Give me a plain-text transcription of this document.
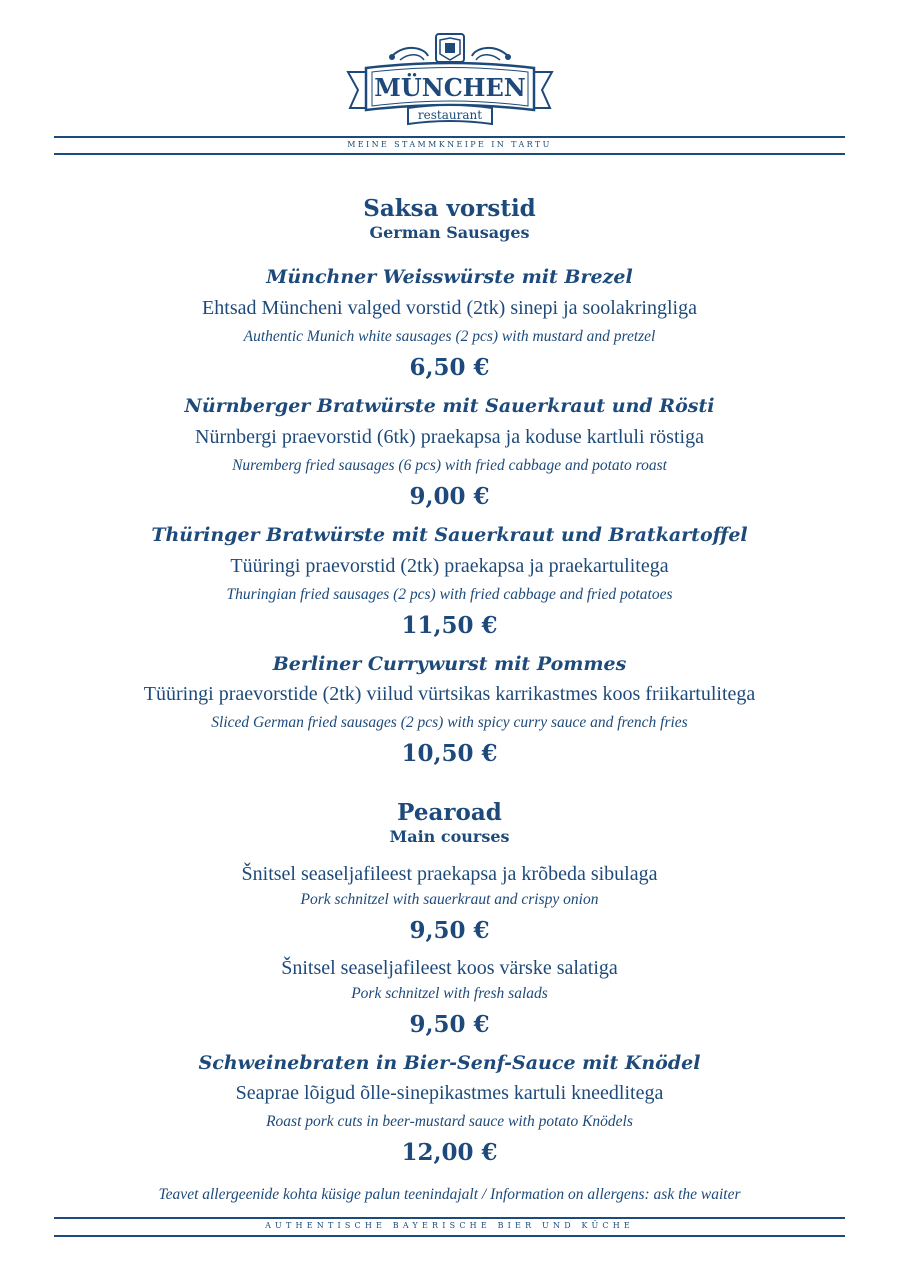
MÜNCHEN
restaurant
MEINE STAMMKNEIPE IN TARTU
Saksa vorstid
German Sausages
Münchner Weisswürste mit Brezel
Ehtsad Müncheni valged vorstid (2tk) sinepi ja soolakringliga
Authentic Munich white sausages (2 pcs) with mustard and pretzel
6,50 €
Nürnberger Bratwürste mit Sauerkraut und Rösti
Nürnbergi praevorstid (6tk) praekapsa ja koduse kartluli röstiga
Nuremberg fried sausages (6 pcs) with fried cabbage and potato roast
9,00 €
Thüringer Bratwürste mit Sauerkraut und Bratkartoffel
Tüüringi praevorstid (2tk) praekapsa ja praekartulitega
Thuringian fried sausages (2 pcs) with fried cabbage and fried potatoes
11,50 €
Berliner Currywurst mit Pommes
Tüüringi praevorstide (2tk) viilud vürtsikas karrikastmes koos friikartulitega
Sliced German fried sausages (2 pcs) with spicy curry sauce and french fries
10,50 €
Pearoad
Main courses
Šnitsel seaseljafileest praekapsa ja krõbeda sibulaga
Pork schnitzel with sauerkraut and crispy onion
9,50 €
Šnitsel seaseljafileest koos värske salatiga
Pork schnitzel with fresh salads
9,50 €
Schweinebraten in Bier-Senf-Sauce mit Knödel
Seaprae lõigud õlle-sinepikastmes kartuli kneedlitega
Roast pork cuts in beer-mustard sauce with potato Knödels
12,00 €
Teavet allergeenide kohta küsige palun teenindajalt / Information on allergens: ask the waiter
AUTHENTISCHE BAYERISCHE BIER UND KÜCHE
